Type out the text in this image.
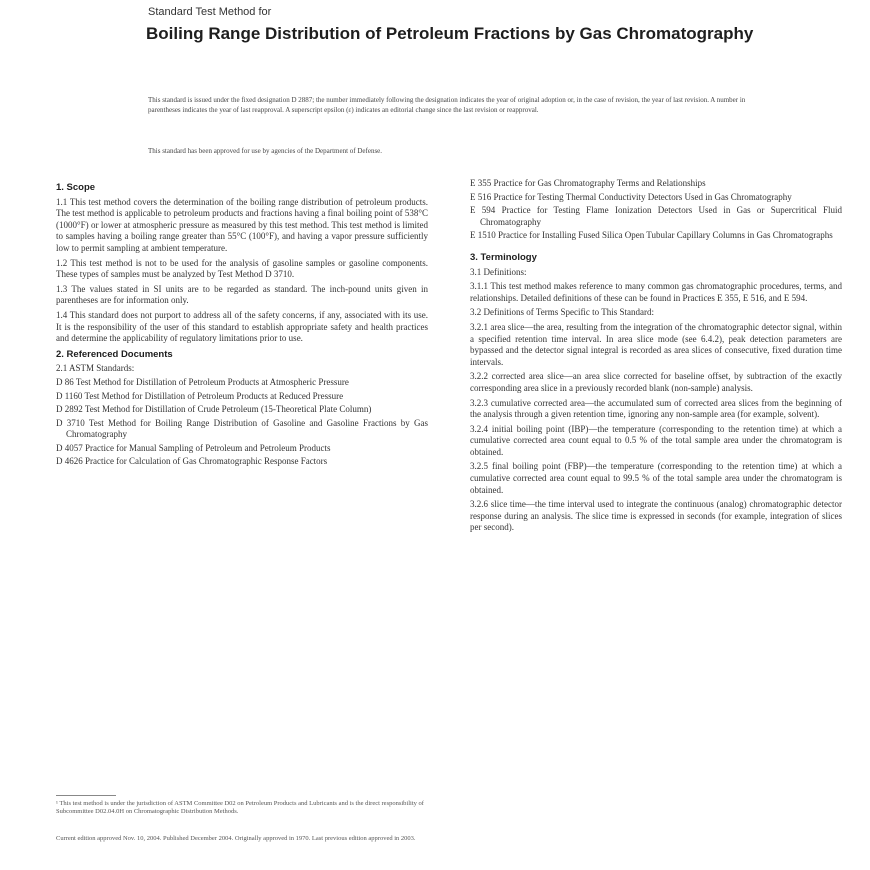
Standard Test Method for
Boiling Range Distribution of Petroleum Fractions by Gas Chromatography
This standard is issued under the fixed designation D 2887; the number immediately following the designation indicates the year of original adoption or, in the case of revision, the year of last revision. A number in parentheses indicates the year of last reapproval. A superscript epsilon (ε) indicates an editorial change since the last revision or reapproval.
This standard has been approved for use by agencies of the Department of Defense.
1. Scope
1.1 This test method covers the determination of the boiling range distribution of petroleum products. The test method is applicable to petroleum products and fractions having a final boiling point of 538°C (1000°F) or lower at atmospheric pressure as measured by this test method. This test method is limited to samples having a boiling range greater than 55°C (100°F), and having a vapor pressure sufficiently low to permit sampling at ambient temperature.
1.2 This test method is not to be used for the analysis of gasoline samples or gasoline components. These types of samples must be analyzed by Test Method D 3710.
1.3 The values stated in SI units are to be regarded as standard. The inch-pound units given in parentheses are for information only.
1.4 This standard does not purport to address all of the safety concerns, if any, associated with its use. It is the responsibility of the user of this standard to establish appropriate safety and health practices and determine the applicability of regulatory limitations prior to use.
2. Referenced Documents
2.1 ASTM Standards:
D 86 Test Method for Distillation of Petroleum Products at Atmospheric Pressure
D 1160 Test Method for Distillation of Petroleum Products at Reduced Pressure
D 2892 Test Method for Distillation of Crude Petroleum (15-Theoretical Plate Column)
D 3710 Test Method for Boiling Range Distribution of Gasoline and Gasoline Fractions by Gas Chromatography
D 4057 Practice for Manual Sampling of Petroleum and Petroleum Products
D 4626 Practice for Calculation of Gas Chromatographic Response Factors
¹ This test method is under the jurisdiction of ASTM Committee D02 on Petroleum Products and Lubricants and is the direct responsibility of Subcommittee D02.04.0H on Chromatographic Distribution Methods.
Current edition approved Nov. 10, 2004. Published December 2004. Originally approved in 1970. Last previous edition approved in 2003.
E 355 Practice for Gas Chromatography Terms and Relationships
E 516 Practice for Testing Thermal Conductivity Detectors Used in Gas Chromatography
E 594 Practice for Testing Flame Ionization Detectors Used in Gas or Supercritical Fluid Chromatography
E 1510 Practice for Installing Fused Silica Open Tubular Capillary Columns in Gas Chromatographs
3. Terminology
3.1 Definitions:
3.1.1 This test method makes reference to many common gas chromatographic procedures, terms, and relationships. Detailed definitions of these can be found in Practices E 355, E 516, and E 594.
3.2 Definitions of Terms Specific to This Standard:
3.2.1 area slice—the area, resulting from the integration of the chromatographic detector signal, within a specified retention time interval. In area slice mode (see 6.4.2), peak detection parameters are bypassed and the detector signal integral is recorded as area slices of consecutive, fixed duration time intervals.
3.2.2 corrected area slice—an area slice corrected for baseline offset, by subtraction of the exactly corresponding area slice in a previously recorded blank (non-sample) analysis.
3.2.3 cumulative corrected area—the accumulated sum of corrected area slices from the beginning of the analysis through a given retention time, ignoring any non-sample area (for example, solvent).
3.2.4 initial boiling point (IBP)—the temperature (corresponding to the retention time) at which a cumulative corrected area count equal to 0.5 % of the total sample area under the chromatogram is obtained.
3.2.5 final boiling point (FBP)—the temperature (corresponding to the retention time) at which a cumulative corrected area count equal to 99.5 % of the total sample area under the chromatogram is obtained.
3.2.6 slice time—the time interval used to integrate the continuous (analog) chromatographic detector response during an analysis. The slice time is expressed in seconds (for example, integration of slices per second).
